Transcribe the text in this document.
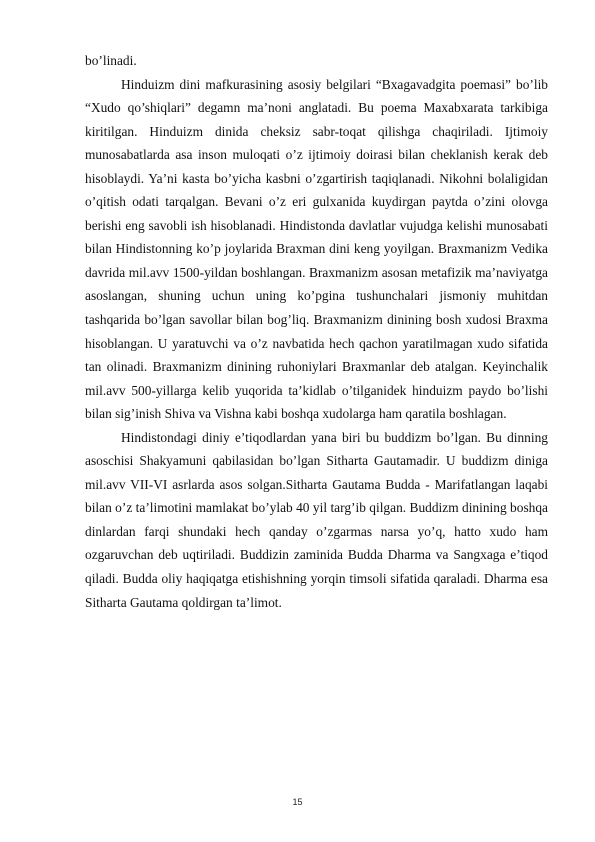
bo’linadi.

Hinduizm dini mafkurasining asosiy belgilari “Bxagavadgita poemasi” bo’lib “Xudo qo’shiqlari” degamn ma’noni anglatadi. Bu poema Maxabxarata tarkibiga kiritilgan. Hinduizm dinida cheksiz sabr-toqat qilishga chaqiriladi. Ijtimoiy munosabatlarda asa inson muloqati o’z ijtimoiy doirasi bilan cheklanish kerak deb hisoblaydi. Ya’ni kasta bo’yicha kasbni o’zgartirish taqiqlanadi. Nikohni bolaligidan o’qitish odati tarqalgan. Bevani o’z eri gulxanida kuydirgan paytda o’zini olovga berishi eng savobli ish hisoblanadi. Hindistonda davlatlar vujudga kelishi munosabati bilan Hindistonning ko’p joylarida Braxman dini keng yoyilgan. Braxmanizm Vedika davrida mil.avv 1500-yildan boshlangan. Braxmanizm asosan metafizik ma’naviyatga asoslangan, shuning uchun uning ko’pgina tushunchalari jismoniy muhitdan tashqarida bo’lgan savollar bilan bog’liq. Braxmanizm dinining bosh xudosi Braxma hisoblangan. U yaratuvchi va o’z navbatida hech qachon yaratilmagan xudo sifatida tan olinadi. Braxmanizm dinining ruhoniylari Braxmanlar deb atalgan. Keyinchalik mil.avv 500-yillarga kelib yuqorida ta’kidlab o’tilganidek hinduizm paydo bo’lishi bilan sig’inish Shiva va Vishna kabi boshqa xudolarga ham qaratila boshlagan.

Hindistondagi diniy e’tiqodlardan yana biri bu buddizm bo’lgan. Bu dinning asoschisi Shakyamuni qabilasidan bo’lgan Sitharta Gautamadir. U buddizm diniga mil.avv VII-VI asrlarda asos solgan.Sitharta Gautama Budda - Marifatlangan laqabi bilan o’z ta’limotini mamlakat bo’ylab 40 yil targ’ib qilgan. Buddizm dinining boshqa dinlardan farqi shundaki hech qanday o’zgarmas narsa yo’q, hatto xudo ham ozgaruvchan deb uqtiriladi. Buddizin zaminida Budda Dharma va Sangxaga e’tiqod qiladi. Budda oliy haqiqatga etishishning yorqin timsoli sifatida qaraladi. Dharma esa Sitharta Gautama qoldirgan ta’limot.

15
